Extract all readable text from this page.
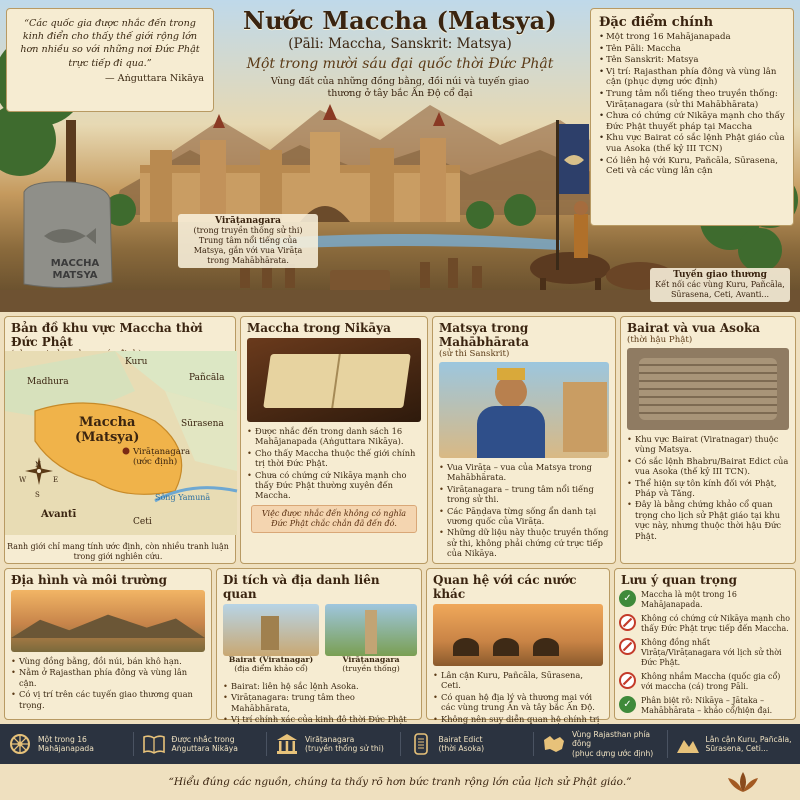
“Các quốc gia được nhắc đến trong kinh điển cho thấy thế giới rộng lớn hơn nhiều so với những nơi Đức Phật trực tiếp đi qua.”
— Aṅguttara Nikāya
Nước Maccha (Matsya)
(Pāli: Maccha, Sanskrit: Matsya)
Một trong mười sáu đại quốc thời Đức Phật
Vùng đất của những đồng bằng, đồi núi và tuyến giao thương ở tây bắc Ấn Độ cổ đại
Đặc điểm chính
• Một trong 16 Mahājanapada
• Tên Pāli: Maccha
• Tên Sanskrit: Matsya
• Vị trí: Rajasthan phía đông và vùng lân cận (phục dựng ước định)
• Trung tâm nổi tiếng theo truyền thống: Virāṭanagara (sử thi Mahābhārata)
• Chưa có chứng cứ Nikāya mạnh cho thấy Đức Phật thuyết pháp tại Maccha
• Khu vực Bairat có sắc lệnh Phật giáo của vua Asoka (thế kỷ III TCN)
• Có liên hệ với Kuru, Pañcāla, Sūrasena, Ceti và các vùng lân cận
MACCHA
MATSYA
Virāṭanagara
(trong truyền thống sử thi)
Trung tâm nổi tiếng của Matsya, gắn với vua Virāṭa trong Mahābhārata.
Tuyến giao thương
Kết nối các vùng Kuru, Pañcāla, Sūrasena, Ceti, Avanti...
Bản đồ khu vực Maccha thời Đức Phật
Kuru
Pañcāla
Madhura
Sūrasena
Maccha
(Matsya)
Virāṭanagara
(ước định)
N
S
W	E
Avantī
Ceti
Sông Yamunā
Ranh giới chỉ mang tính ước định, còn nhiều tranh luận trong giới nghiên cứu.
Maccha trong Nikāya
• Được nhắc đến trong danh sách 16 Mahājanapada (Aṅguttara Nikāya).
• Cho thấy Maccha thuộc thế giới chính trị thời Đức Phật.
• Chưa có chứng cứ Nikāya mạnh cho thấy Đức Phật thường xuyên đến Maccha.
Việc được nhắc đến không có nghĩa Đức Phật chắc chắn đã đến đó.
Matsya trong Mahābhārata
(sử thi Sanskrit)
• Vua Virāṭa – vua của Matsya trong Mahābhārata.
• Virāṭanagara – trung tâm nổi tiếng trong sử thi.
• Các Pāṇḍava từng sống ẩn danh tại vương quốc của Virāṭa.
• Những dữ liệu này thuộc truyền thống sử thi, không phải chứng cứ trực tiếp của Nikāya.
Bairat và vua Asoka
(thời hậu Phật)
• Khu vực Bairat (Viratnagar) thuộc vùng Matsya.
• Có sắc lệnh Bhabru/Bairat Edict của vua Asoka (thế kỷ III TCN).
• Thể hiện sự tôn kính đối với Phật, Pháp và Tăng.
• Đây là bằng chứng khảo cổ quan trọng cho lịch sử Phật giáo tại khu vực này, nhưng thuộc thời hậu Đức Phật.
Địa hình và môi trường
• Vùng đồng bằng, đồi núi, bán khô hạn.
• Nằm ở Rajasthan phía đông và vùng lân cận.
• Có vị trí trên các tuyến giao thương quan trọng.
Di tích và địa danh liên quan
Bairat (Viratnagar)
(địa điểm khảo cổ)
Virāṭanagara
(truyền thống)
• Bairat: liên hệ sắc lệnh Asoka.
• Virāṭanagara: trung tâm theo Mahābhārata,
• Vị trí chính xác của kinh đô thời Đức Phật
Quan hệ với các nước khác
• Lân cận Kuru, Pañcāla, Sūrasena, Ceti.
• Có quan hệ địa lý và thương mại với các vùng trung Ấn và tây bắc Ấn Độ.
• Không nên suy diễn quan hệ chính trị
Lưu ý quan trọng
✓	Maccha là một trong 16 Mahājanapada.
Không có chứng cứ Nikāya mạnh cho thấy Đức Phật trực tiếp đến Maccha.
Không đồng nhất Virāṭa/Virāṭanagara với lịch sử thời Đức Phật.
Không nhầm Maccha (quốc gia cổ) với maccha (cá) trong Pāli.
✓	Phân biệt rõ: Nikāya – Jātaka – Mahābhārata – khảo cổ/hiện đại.
Một trong 16
Mahājanapada
Được nhắc trong
Aṅguttara Nikāya
Virāṭanagara
(truyền thống sử thi)
Bairat Edict
(thời Asoka)
Vùng Rajasthan phía đông
(phục dựng ước định)
Lân cận Kuru, Pañcāla,
Sūrasena, Ceti...
“Hiểu đúng các nguồn, chúng ta thấy rõ hơn bức tranh rộng lớn của lịch sử Phật giáo.”
